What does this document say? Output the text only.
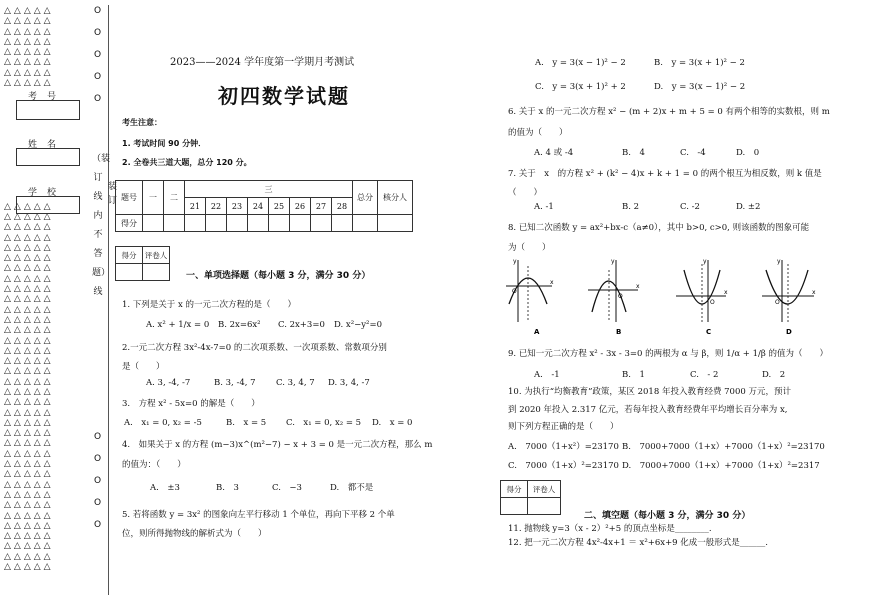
△△△△△
△△△△△
△△△△△
△△△△△
△△△△△
△△△△△
△△△△△
△△△△△

△△△△△
△△△△△
△△△△△
△△△△△
△△△△△
△△△△△
△△△△△
△△△△△
△△△△△
△△△△△
△△△△△
△△△△△
△△△△△
△△△△△
△△△△△
△△△△△
△△△△△
△△△△△
△△△△△
△△△△△
△△△△△
△△△△△
△△△△△
△△△△△
△△△△△
△△△△△
△△△△△
△△△△△
△△△△△
△△△△△
△△△△△
△△△△△
△△△△△
△△△△△
△△△△△
△△△△△
O

O

O

O

O
O

O

O

O

O
（装订线内不答题）线
装订
考号
姓名
学校
2023——2024 学年度第一学期月考测试
初四数学试题
考生注意：
1. 考试时间 90 分钟．
2. 全卷共三道大题，总分 120 分。
题号	一	二	三								总分	核分人
			21	22	23	24	25	26	27	28		
得分												
得分	评卷人

一、单项选择题（每小题 3 分，满分 30 分）
1. 下列是关于 x 的一元二次方程的是（　　）
A. x² + 1/x = 0 B. 2x=6x² C. 2x+3=0 D. x²−y²=0
2.一元二次方程 3x²-4x-7=0 的二次项系数、一次项系数、常数项分别
是（　　）
A. 3, -4, -7	B. 3, -4, 7 C. 3, 4, 7 D. 3, 4, -7
3.　方程 x² - 5x=0 的解是（　　）
A.　x₁ = 0, x₂ = -5	B.　x = 5 C.　x₁ = 0, x₂ = 5 D.　x = 0
4.　如果关于 x 的方程 (m−3)x^(m²−7) − x + 3 = 0 是一元二次方程，那么 m
的值为：（　　）
A.　±3	B.　3	C.　−3	D.　都不是
5. 若将函数 y = 3x² 的图象向左平行移动 1 个单位，再向下平移 2 个单
位，则所得抛物线的解析式为（　　）
A.　y = 3(x − 1)² − 2	B.　y = 3(x + 1)² − 2
C.　y = 3(x + 1)² + 2	D.　y = 3(x − 1)² − 2
6. 关于 x 的一元二次方程 x² − (m + 2)x + m + 5 = 0 有两个相等的实数根，则 m
的值为（　　）
A. 4 或 -4	B.　4	C.　-4	D.　0
7. 关于　x　的方程 x² + (k² − 4)x + k + 1 = 0 的两个根互为相反数，则 k 值是
（　　）
A. -1	B. 2	C. -2	D. ±2
8. 已知二次函数 y = ax²+bx-c（a≠0），其中 b>0, c>0, 则该函数的图象可能
为（　　）
y
x
O
A
y
x
O
B
y
x
O
C
y
x
O
D
9. 已知一元二次方程 x² - 3x - 3=0 的两根为 α 与 β，则 1/α + 1/β 的值为（　　）
A.　-1	B.　1	C.　- 2	D.　2
10. 为执行“均衡教育”政策，某区 2018 年投入教育经费 7000 万元，预计
到 2020 年投入 2.317 亿元，若每年投入教育经费年平均增长百分率为 x,
则下列方程正确的是（　　）
A.　7000（1+x²）=23170 B.　7000+7000（1+x）+7000（1+x）²=23170
C.　7000（1+x）²=23170 D.　7000+7000（1+x）+7000（1+x）²=2317
得分	评卷人

二、填空题（每小题 3 分，满分 30 分）
11. 抛物线 y=3（x - 2）²+5 的顶点坐标是________.
12. 把一元二次方程 4x²-4x+1 ＝ x²+6x+9 化成一般形式是______.
